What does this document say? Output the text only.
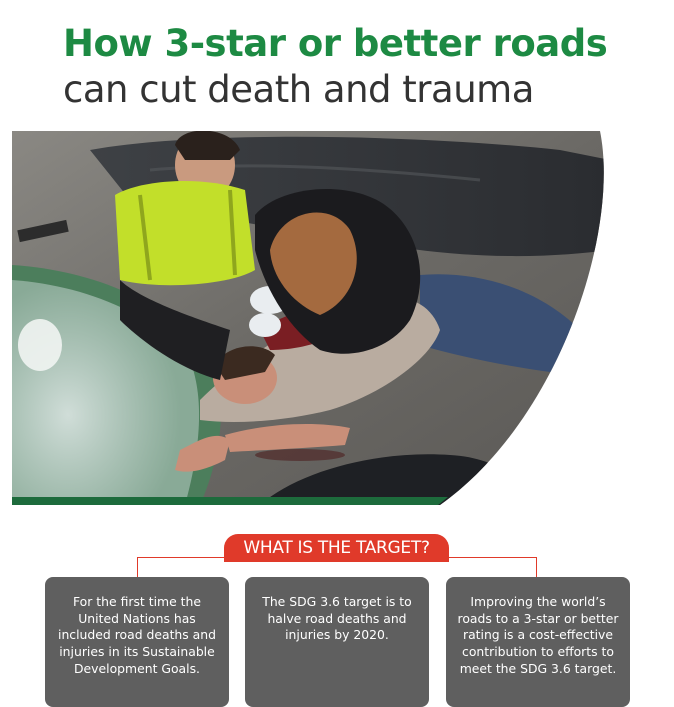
How 3-star or better roads
can cut death and trauma
WHAT IS THE TARGET?
For the first time the United Nations has included road deaths and injuries in its Sustainable Development Goals.
The SDG 3.6 target is to halve road deaths and injuries by 2020.
Improving the world’s roads to a 3-star or better rating is a cost-effective contribution to efforts to meet the SDG 3.6 target.
